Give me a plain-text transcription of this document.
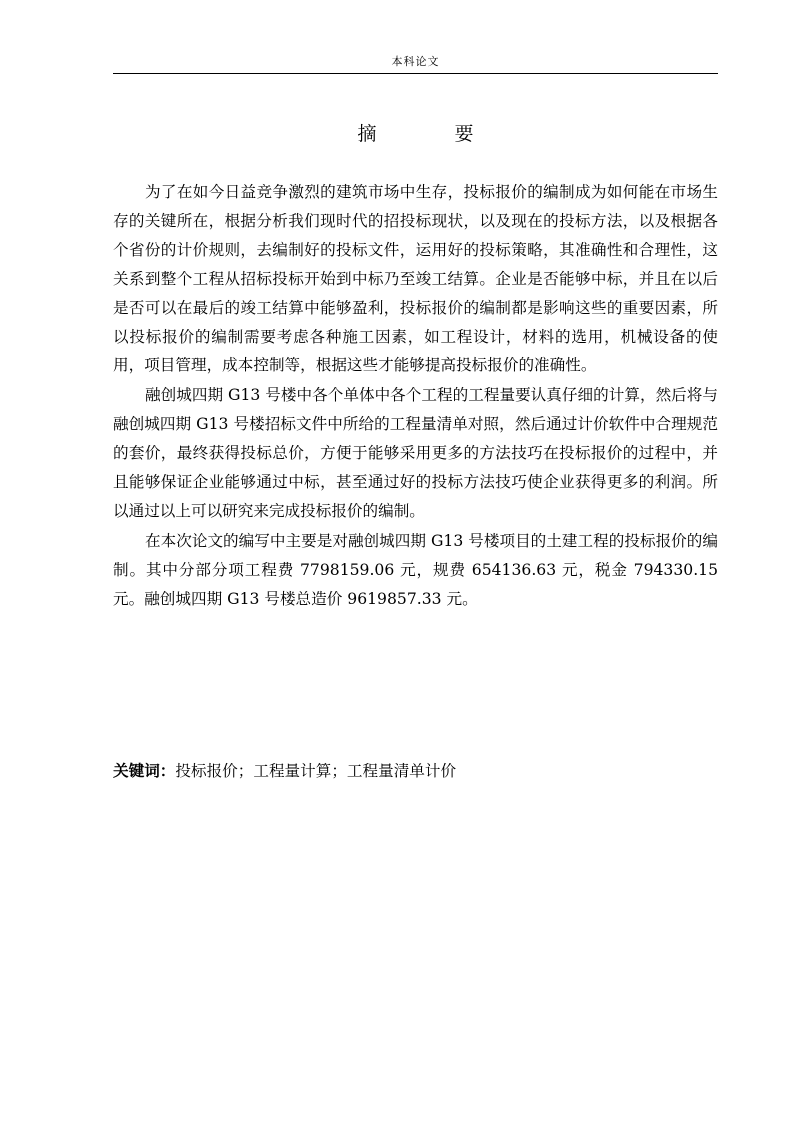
本科论文
摘 要

为了在如今日益竞争激烈的建筑市场中生存，投标报价的编制成为如何能在市场生存的关键所在，根据分析我们现时代的招投标现状，以及现在的投标方法，以及根据各个省份的计价规则，去编制好的投标文件，运用好的投标策略，其准确性和合理性，这关系到整个工程从招标投标开始到中标乃至竣工结算。企业是否能够中标，并且在以后是否可以在最后的竣工结算中能够盈利，投标报价的编制都是影响这些的重要因素，所以投标报价的编制需要考虑各种施工因素，如工程设计，材料的选用，机械设备的使用，项目管理，成本控制等，根据这些才能够提高投标报价的准确性。

融创城四期 G13 号楼中各个单体中各个工程的工程量要认真仔细的计算，然后将与融创城四期 G13 号楼招标文件中所给的工程量清单对照，然后通过计价软件中合理规范的套价，最终获得投标总价，方便于能够采用更多的方法技巧在投标报价的过程中，并且能够保证企业能够通过中标，甚至通过好的投标方法技巧使企业获得更多的利润。所以通过以上可以研究来完成投标报价的编制。

在本次论文的编写中主要是对融创城四期 G13 号楼项目的土建工程的投标报价的编制。其中分部分项工程费 7798159.06 元，规费 654136.63 元，税金 794330.15 元。融创城四期 G13 号楼总造价 9619857.33 元。

关键词：投标报价；工程量计算；工程量清单计价
